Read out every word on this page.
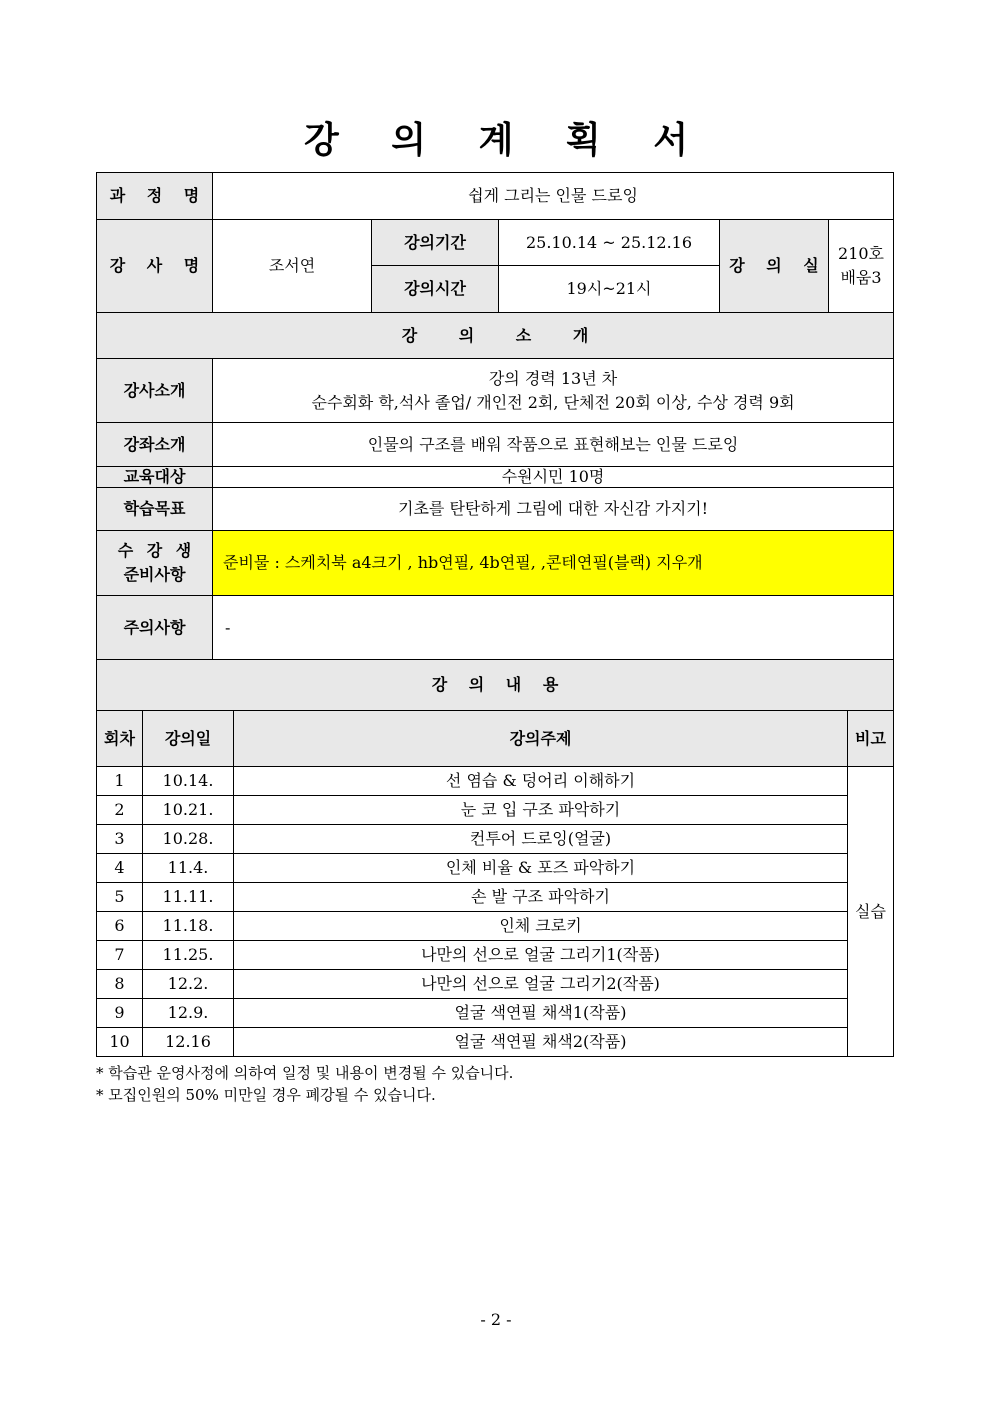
강 의 계 획 서
과 정 명	쉽게 그리는 인물 드로잉				
강 사 명	조서연	강의기간	25.10.14 ~ 25.12.16	강 의 실	210호
배움3

		강의시간	19시~21시		
강 의 소 개					
강사소개	강의 경력 13년 차
순수회화 학,석사 졸업/ 개인전 2회, 단체전 20회 이상, 수상 경력 9회				

강좌소개	인물의 구조를 배워 작품으로 표현해보는 인물 드로잉				
교육대상	수원시민 10명				
학습목표	기초를 탄탄하게 그림에 대한 자신감 가지기!				

수 강 생
준비사항	준비물 : 스케치북 a4크기 , hb연필, 4b연필, ,콘테연필(블랙) 지우개				
주의사항	-				
강 의 내 용					
회차	강의일	강의주제	비고
1	10.14.	선 염습 & 덩어리 이해하기	실습
2	10.21.	눈 코 입 구조 파악하기	
3	10.28.	컨투어 드로잉(얼굴)	
4	11.4.	인체 비율 & 포즈 파악하기	
5	11.11.	손 발 구조 파악하기	
6	11.18.	인체 크로키	
7	11.25.	나만의 선으로 얼굴 그리기1(작품)	
8	12.2.	나만의 선으로 얼굴 그리기2(작품)	
9	12.9.	얼굴 색연필 채색1(작품)	
10	12.16	얼굴 색연필 채색2(작품)	
* 학습관 운영사정에 의하여 일정 및 내용이 변경될 수 있습니다.
* 모집인원의 50% 미만일 경우 폐강될 수 있습니다.
- 2 -
